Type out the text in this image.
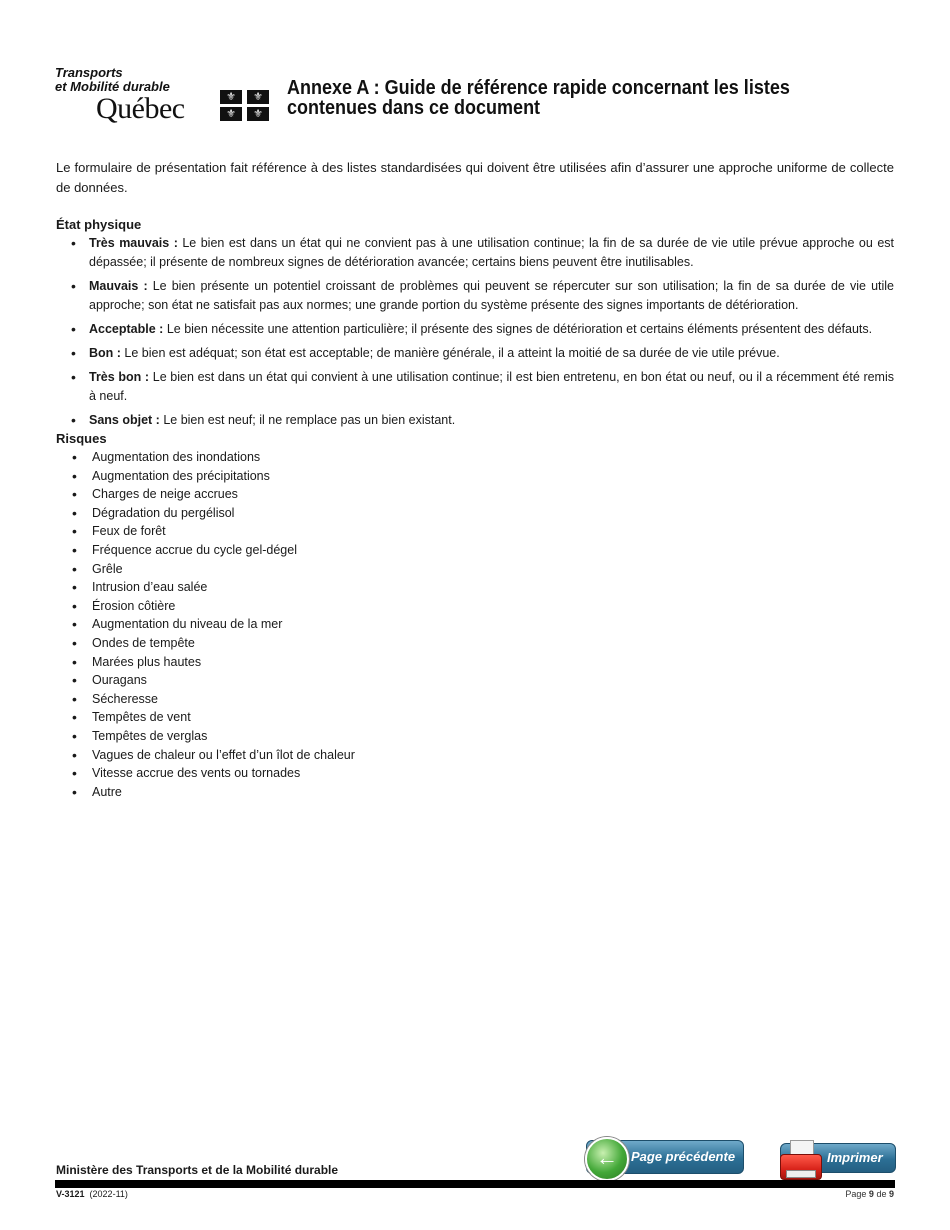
Transports
et Mobilité durable
Québec	⚜	⚜
⚜	⚜
Annexe A : Guide de référence rapide concernant les listes contenues dans ce document

Le formulaire de présentation fait référence à des listes standardisées qui doivent être utilisées afin d’assurer une approche uniforme de collecte de données.

État physique
• Très mauvais : Le bien est dans un état qui ne convient pas à une utilisation continue; la fin de sa durée de vie utile prévue approche ou est dépassée; il présente de nombreux signes de détérioration avancée; certains biens peuvent être inutilisables.
• Mauvais : Le bien présente un potentiel croissant de problèmes qui peuvent se répercuter sur son utilisation; la fin de sa durée de vie utile approche; son état ne satisfait pas aux normes; une grande portion du système présente des signes importants de détérioration.
• Acceptable : Le bien nécessite une attention particulière; il présente des signes de détérioration et certains éléments présentent des défauts.
• Bon : Le bien est adéquat; son état est acceptable; de manière générale, il a atteint la moitié de sa durée de vie utile prévue.
• Très bon : Le bien est dans un état qui convient à une utilisation continue; il est bien entretenu, en bon état ou neuf, ou il a récemment été remis à neuf.
• Sans objet : Le bien est neuf; il ne remplace pas un bien existant.
Risques
• Augmentation des inondations
• Augmentation des précipitations
• Charges de neige accrues
• Dégradation du pergélisol
• Feux de forêt
• Fréquence accrue du cycle gel-dégel
• Grêle
• Intrusion d’eau salée
• Érosion côtière
• Augmentation du niveau de la mer
• Ondes de tempête
• Marées plus hautes
• Ouragans
• Sécheresse
• Tempêtes de vent
• Tempêtes de verglas
• Vagues de chaleur ou l’effet d’un îlot de chaleur
• Vitesse accrue des vents ou tornades
• Autre
←	Page précédente	Imprimer
Ministère des Transports et de la Mobilité durable
V-3121 (2022-11)	Page 9 de 9
